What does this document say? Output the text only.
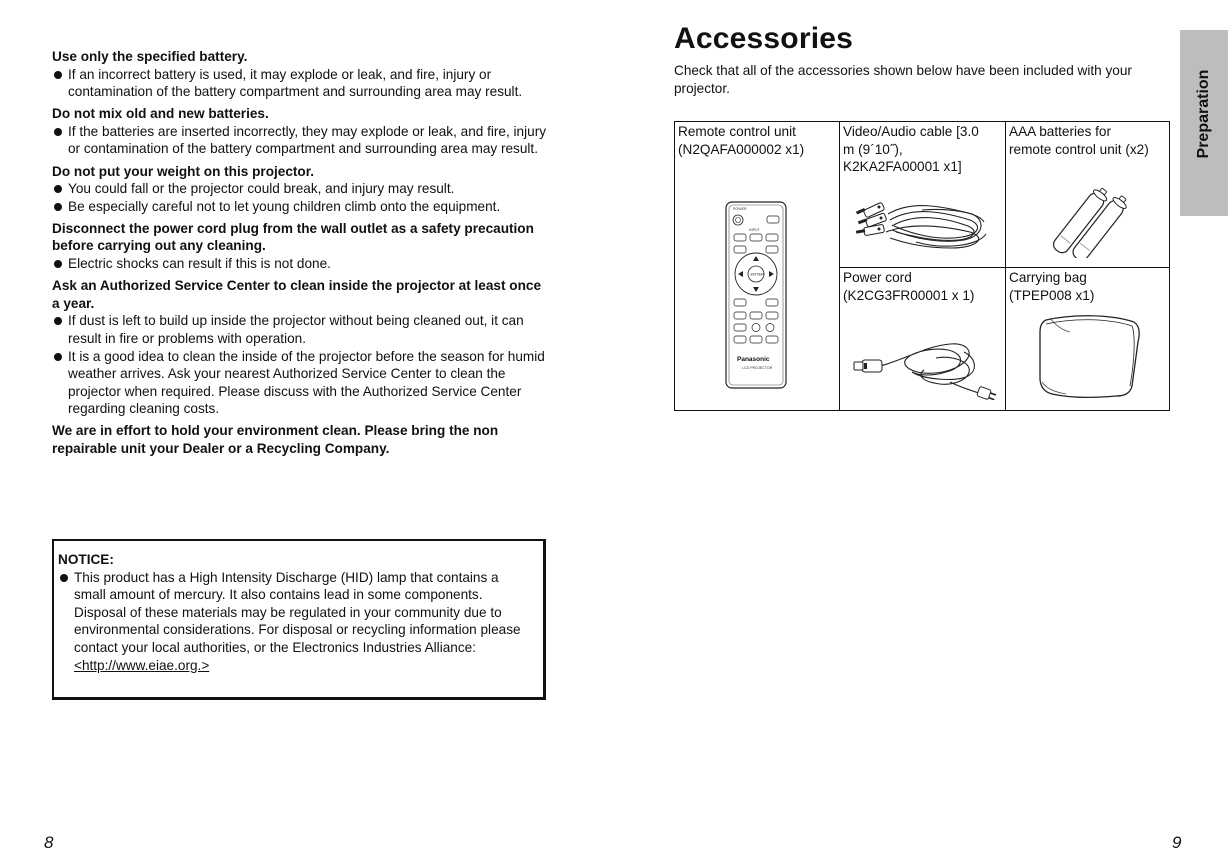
Use only the specified battery.

If an incorrect battery is used, it may explode or leak, and fire, injury or contamination of the battery compartment and surrounding area may result.

Do not mix old and new batteries.

If the batteries are inserted incorrectly, they may explode or leak, and fire, injury or contamination of the battery compartment and surrounding area may result.

Do not put your weight on this projector.

You could fall or the projector could break, and injury may result.

Be especially careful not to let young children climb onto the equipment.

Disconnect the power cord plug from the wall outlet as a safety precaution before carrying out any cleaning.

Electric shocks can result if this is not done.

Ask an Authorized Service Center to clean inside the projector at least once a year.

If dust is left to build up inside the projector without being cleaned out, it can result in fire or problems with operation.

It is a good idea to clean the inside of the projector before the season for humid weather arrives. Ask your nearest Authorized Service Center to clean the projector when required. Please discuss with the Authorized Service Center regarding cleaning costs.

We are in effort to hold your environment clean. Please bring the non repairable unit your Dealer or a Recycling Company.

NOTICE:

This product has a High Intensity Discharge (HID) lamp that contains a small amount of mercury. It also contains lead in some components. Disposal of these materials may be regulated in your community due to environmental considerations. For disposal or recycling information please contact your local authorities, or the Electronics Industries Alliance: <http://www.eiae.org.>

8
Accessories

Check that all of the accessories shown below have been included with your projector.	Preparation
Remote control unit
(N2QAFA000002 x1)
POWER
INPUT
ENTER
Panasonic
LCD PROJECTOR
Video/Audio cable [3.0
m (9´10˝),
K2KA2FA00001 x1]
AAA batteries for
remote control unit (x2)
Power cord
(K2CG3FR00001 x 1)
Carrying bag
(TPEP008 x1)
9
